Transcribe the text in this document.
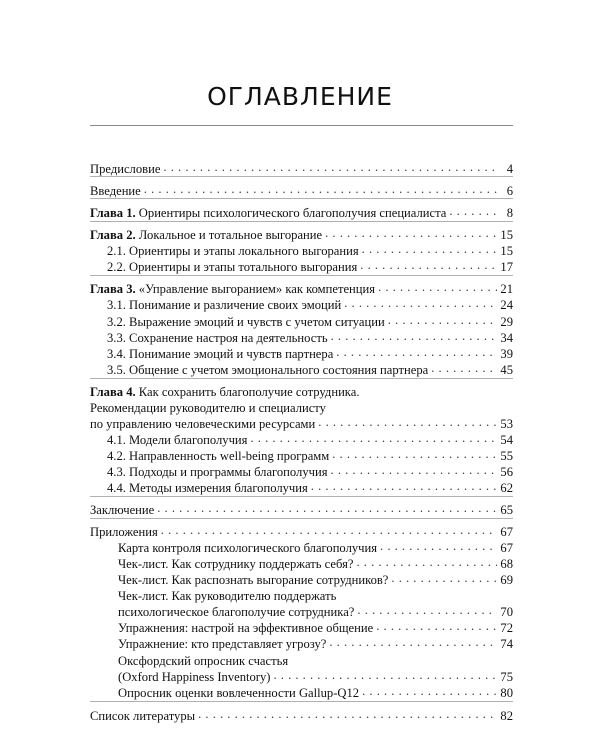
ОГЛАВЛЕНИЕ
Предисловие . . .	4
Введение . . .	6
Глава 1. Ориентиры психологического благополучия специалиста . . .	8
Глава 2. Локальное и тотальное выгорание . . .	15
2.1. Ориентиры и этапы локального выгорания . . .	15
2.2. Ориентиры и этапы тотального выгорания . . .	17
Глава 3. «Управление выгоранием» как компетенция . . .	21
3.1. Понимание и различение своих эмоций . . .	24
3.2. Выражение эмоций и чувств с учетом ситуации . . .	29
3.3. Сохранение настроя на деятельность . . .	34
3.4. Понимание эмоций и чувств партнера . . .	39
3.5. Общение с учетом эмоционального состояния партнера . . .	45
Глава 4. Как сохранить благополучие сотрудника.
Рекомендации руководителю и специалисту
по управлению человеческими ресурсами . . .	53
4.1. Модели благополучия . . .	54
4.2. Направленность well-being программ . . .	55
4.3. Подходы и программы благополучия . . .	56
4.4. Методы измерения благополучия . . .	62
Заключение . . .	65
Приложения . . .	67
Карта контроля психологического благополучия . . .	67
Чек-лист. Как сотруднику поддержать себя? . . .	68
Чек-лист. Как распознать выгорание сотрудников? . . .	69
Чек-лист. Как руководителю поддержать
психологическое благополучие сотрудника? . . .	70
Упражнения: настрой на эффективное общение . . .	72
Упражнение: кто представляет угрозу? . . .	74
Оксфордский опросник счастья
(Oxford Happiness Inventory) . . .	75
Опросник оценки вовлеченности Gallup-Q12 . . .	80
Список литературы . . .	82
